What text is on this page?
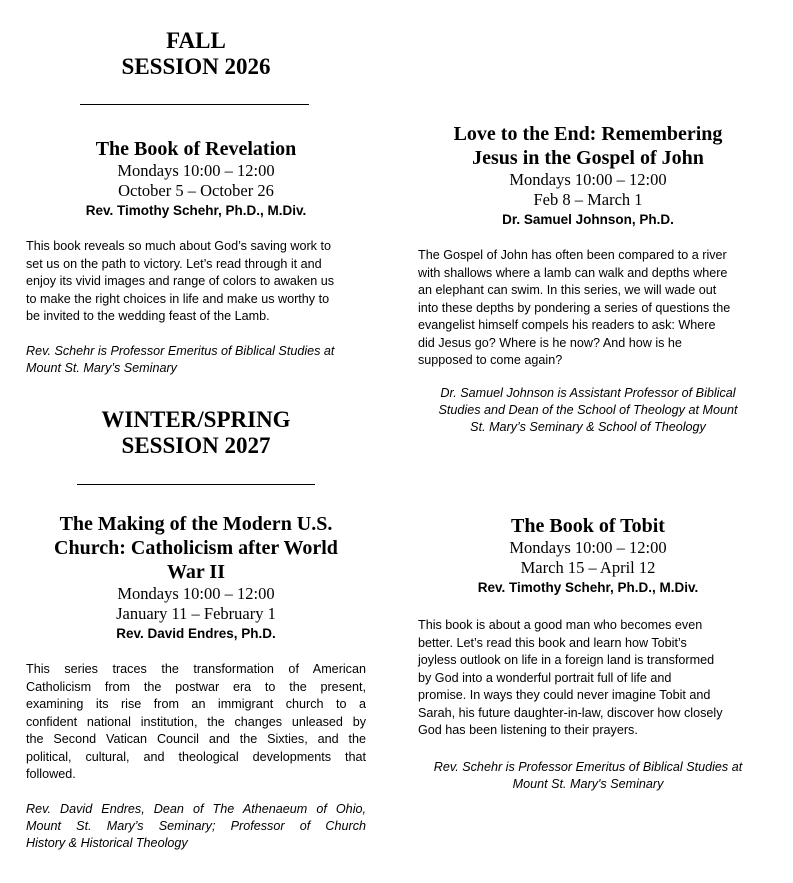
FALL
SESSION 2026
The Book of Revelation
Mondays 10:00 – 12:00
October 5 – October 26
Rev. Timothy Schehr, Ph.D., M.Div.
This book reveals so much about God’s saving work to
set us on the path to victory. Let’s read through it and
enjoy its vivid images and range of colors to awaken us
to make the right choices in life and make us worthy to
be invited to the wedding feast of the Lamb.
Rev. Schehr is Professor Emeritus of Biblical Studies at
Mount St. Mary’s Seminary
WINTER/SPRING
SESSION 2027
The Making of the Modern U.S.
Church: Catholicism after World
War II
Mondays 10:00 – 12:00
January 11 – February 1
Rev. David Endres, Ph.D.
This series traces the transformation of American
Catholicism from the postwar era to the present,
examining its rise from an immigrant church to a
confident national institution, the changes unleased by
the Second Vatican Council and the Sixties, and the
political, cultural, and theological developments that
followed.
Rev. David Endres, Dean of The Athenaeum of Ohio,
Mount St. Mary’s Seminary; Professor of Church
History & Historical Theology
Love to the End: Remembering
Jesus in the Gospel of John
Mondays 10:00 – 12:00
Feb 8 – March 1
Dr. Samuel Johnson, Ph.D.
The Gospel of John has often been compared to a river
with shallows where a lamb can walk and depths where
an elephant can swim. In this series, we will wade out
into these depths by pondering a series of questions the
evangelist himself compels his readers to ask: Where
did Jesus go? Where is he now? And how is he
supposed to come again?
Dr. Samuel Johnson is Assistant Professor of Biblical
Studies and Dean of the School of Theology at Mount
St. Mary’s Seminary & School of Theology
The Book of Tobit
Mondays 10:00 – 12:00
March 15 – April 12
Rev. Timothy Schehr, Ph.D., M.Div.
This book is about a good man who becomes even
better. Let’s read this book and learn how Tobit’s
joyless outlook on life in a foreign land is transformed
by God into a wonderful portrait full of life and
promise. In ways they could never imagine Tobit and
Sarah, his future daughter-in-law, discover how closely
God has been listening to their prayers.
Rev. Schehr is Professor Emeritus of Biblical Studies at
Mount St. Mary's Seminary
